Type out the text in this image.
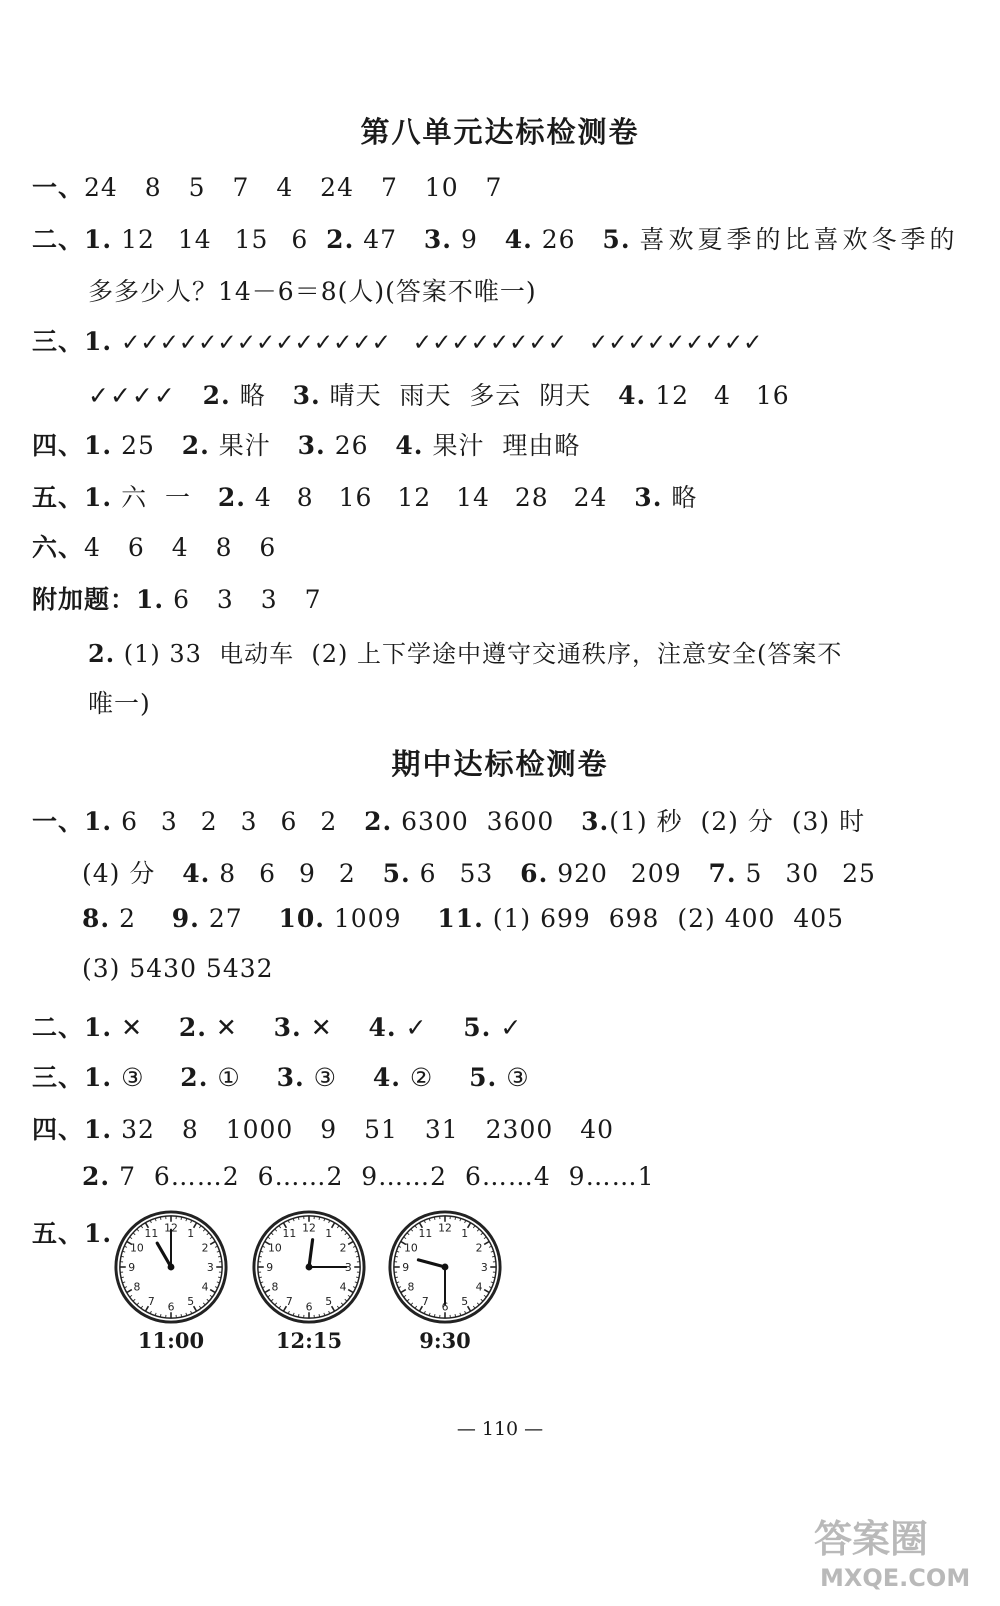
第八单元达标检测卷
一、24 8 5 7 4 24 7 10 7
二、1. 12 14 15 6 2. 47 3. 9 4. 26 5. 喜欢夏季的比喜欢冬季的
多多少人？14－6＝8(人)(答案不唯一)
三、1. ✓✓✓✓✓✓✓✓✓✓✓✓✓✓   ✓✓✓✓✓✓✓✓   ✓✓✓✓✓✓✓✓✓
✓✓✓✓ 2. 略 3. 晴天  雨天  多云  阴天 4. 12 4 16
四、1. 25 2. 果汁 3. 26 4. 果汁  理由略
五、1. 六  一 2. 4 8 16 12 14 28 24 3. 略
六、4 6 4 8 6
附加题：1. 6 3 3 7
2. (1) 33  电动车  (2) 上下学途中遵守交通秩序，注意安全(答案不
唯一)
期中达标检测卷
一、1. 6 3 2 3 6 2 2. 6300  3600 3.(1) 秒  (2) 分  (3) 时
(4) 分 4. 8 6 9 2 5. 6 53 6. 920 209 7. 5 30 25
8. 2 9. 27 10. 1009 11. (1) 699  698  (2) 400  405
(3) 5430 5432
二、1. ✕ 2. ✕ 3. ✕ 4. ✓ 5. ✓
三、1. ③ 2. ① 3. ③ 4. ② 5. ③
四、1. 32 8 1000 9 51 31 2300 40
2. 7  6……2  6……2  9……2  6……4  9……1
五、1.	1
2
3
4
5
6
7
8
9
10
11 12	1
2
3
4
5
6
7
8
9
10
11 12	1
2
3
4
5
6
7
8
9
10
11 12
11:00	12:15	9:30
— 110 —
答案圈
MXQE.COM
